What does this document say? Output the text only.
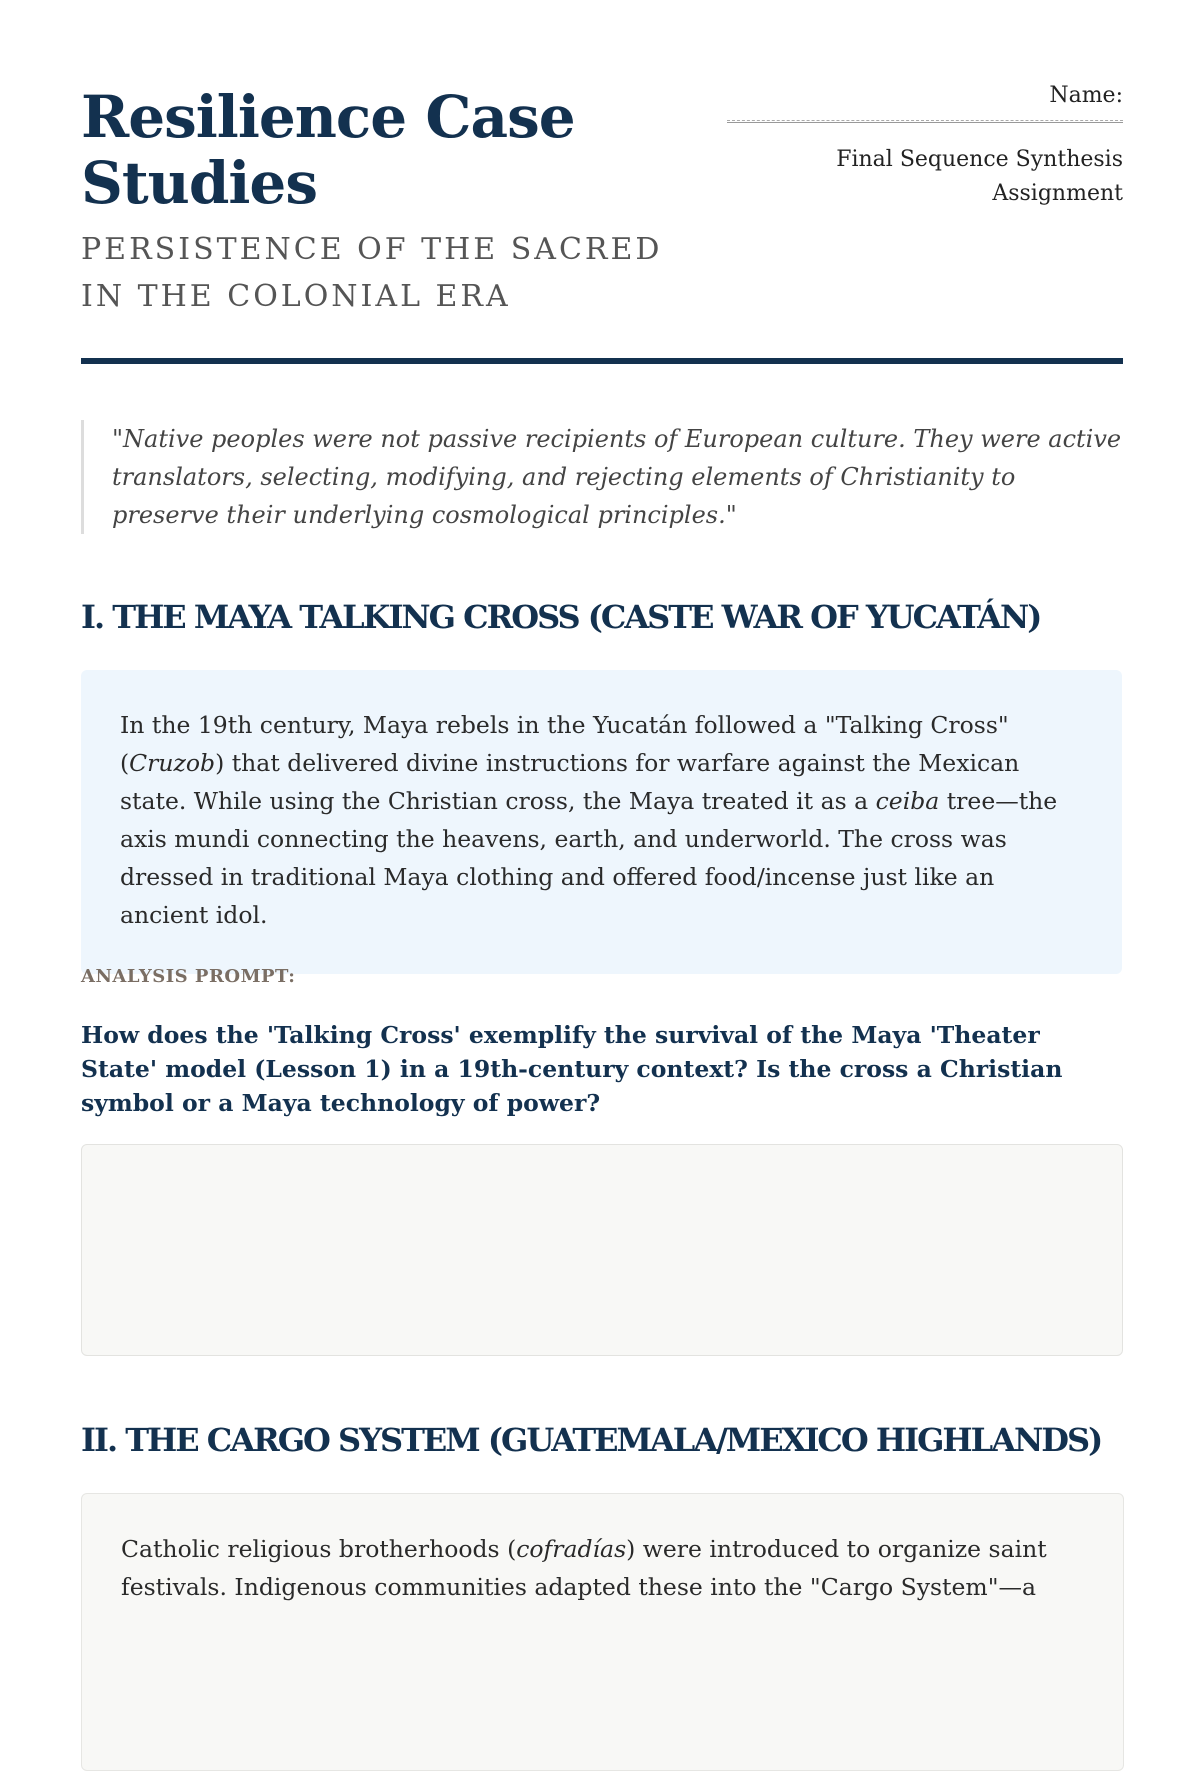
Resilience Case Studies

PERSISTENCE OF THE SACRED IN THE COLONIAL ERA

Name:
Final Sequence Synthesis Assignment
"Native peoples were not passive recipients of European culture. They were active translators, selecting, modifying, and rejecting elements of Christianity to preserve their underlying cosmological principles."
I. THE MAYA TALKING CROSS (CASTE WAR OF YUCATÁN)
In the 19th century, Maya rebels in the Yucatán followed a "Talking Cross" (Cruzob) that delivered divine instructions for warfare against the Mexican state. While using the Christian cross, the Maya treated it as a ceiba tree—the axis mundi connecting the heavens, earth, and underworld. The cross was dressed in traditional Maya clothing and offered food/incense just like an ancient idol.
ANALYSIS PROMPT:
How does the 'Talking Cross' exemplify the survival of the Maya 'Theater State' model (Lesson 1) in a 19th-century context? Is the cross a Christian symbol or a Maya technology of power?
II. THE CARGO SYSTEM (GUATEMALA/MEXICO HIGHLANDS)
Catholic religious brotherhoods (cofradías) were introduced to organize saint festivals. Indigenous communities adapted these into the "Cargo System"—a
